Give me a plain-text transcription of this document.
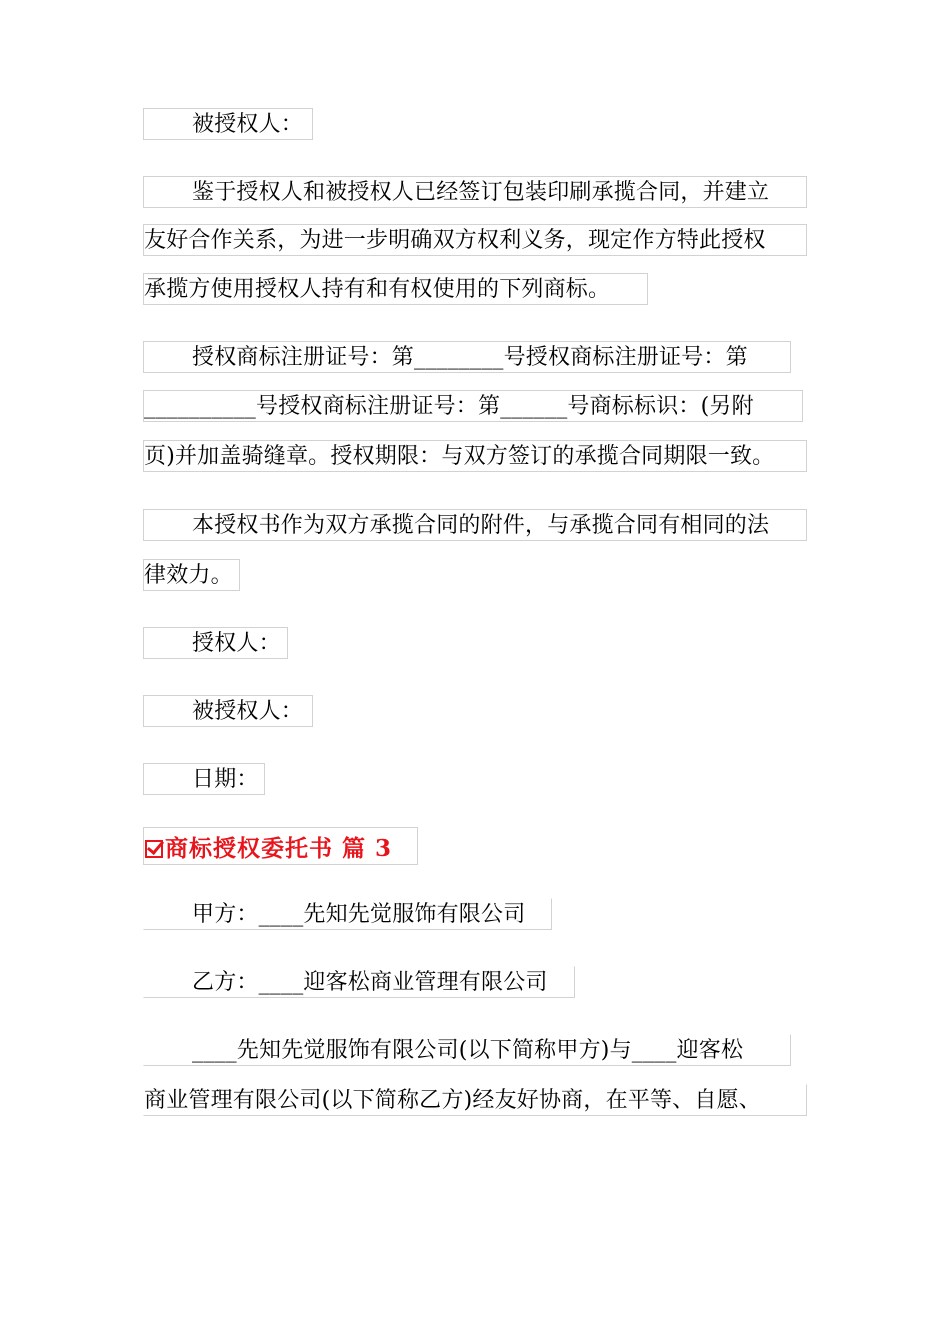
被授权人：
鉴于授权人和被授权人已经签订包装印刷承揽合同，并建立
友好合作关系，为进一步明确双方权利义务，现定作方特此授权
承揽方使用授权人持有和有权使用的下列商标。
授权商标注册证号：第________号授权商标注册证号：第
__________号授权商标注册证号：第______号商标标识：(另附
页)并加盖骑缝章。授权期限：与双方签订的承揽合同期限一致。
本授权书作为双方承揽合同的附件，与承揽合同有相同的法
律效力。
授权人：
被授权人：
日期：
商标授权委托书 篇 3
甲方：____先知先觉服饰有限公司
乙方：____迎客松商业管理有限公司
____先知先觉服饰有限公司(以下简称甲方)与____迎客松
商业管理有限公司(以下简称乙方)经友好协商，在平等、自愿、
